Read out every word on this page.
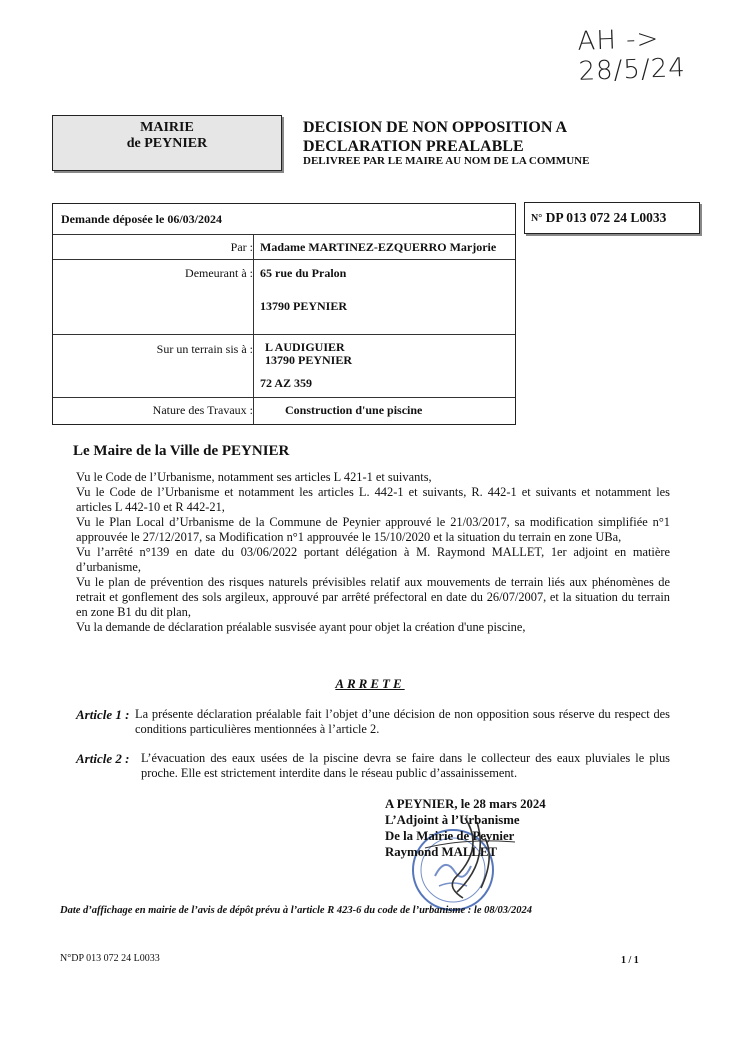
AH -> 28/5/24
MAIRIE
de PEYNIER
DECISION DE NON OPPOSITION A
DECLARATION PREALABLE
DELIVREE PAR LE MAIRE AU NOM DE LA COMMUNE
N° DP 013 072 24 L0033
Demande déposée le 06/03/2024
Par : Madame MARTINEZ-EZQUERRO Marjorie
Demeurant à : 65 rue du Pralon
13790 PEYNIER
Sur un terrain sis à : L AUDIGUIER
13790 PEYNIER
72 AZ 359
Nature des Travaux :	Construction d'une piscine
Le Maire de la Ville de PEYNIER

Vu le Code de l’Urbanisme, notamment ses articles L 421-1 et suivants,

Vu le Code de l’Urbanisme et notamment les articles L. 442-1 et suivants, R. 442-1 et suivants et notamment les articles L 442-10 et R 442-21,

Vu le Plan Local d’Urbanisme de la Commune de Peynier approuvé le 21/03/2017, sa modification simplifiée n°1 approuvée le 27/12/2017, sa Modification n°1 approuvée le 15/10/2020 et la situation du terrain en zone UBa,

Vu l’arrêté n°139 en date du 03/06/2022 portant délégation à M. Raymond MALLET, 1er adjoint en matière d’urbanisme,

Vu le plan de prévention des risques naturels prévisibles relatif aux mouvements de terrain liés aux phénomènes de retrait et gonflement des sols argileux, approuvé par arrêté préfectoral en date du 26/07/2007, et la situation du terrain en zone B1 du dit plan,

Vu la demande de déclaration préalable susvisée ayant pour objet la création d'une piscine,

ARRETE
Article 1 : La présente déclaration préalable fait l’objet d’une décision de non opposition sous réserve du respect des conditions particulières mentionnées à l’article 2.
Article 2 : L’évacuation des eaux usées de la piscine devra se faire dans le collecteur des eaux pluviales le plus proche. Elle est strictement interdite dans le réseau public d’assainissement.
A PEYNIER, le 28 mars 2024
L’Adjoint à l’Urbanisme
De la Mairie de Peynier
Raymond MALLET
Date d’affichage en mairie de l’avis de dépôt prévu à l’article R 423-6 du code de l’urbanisme : le 08/03/2024
N°DP 013 072 24 L0033	1 / 1
